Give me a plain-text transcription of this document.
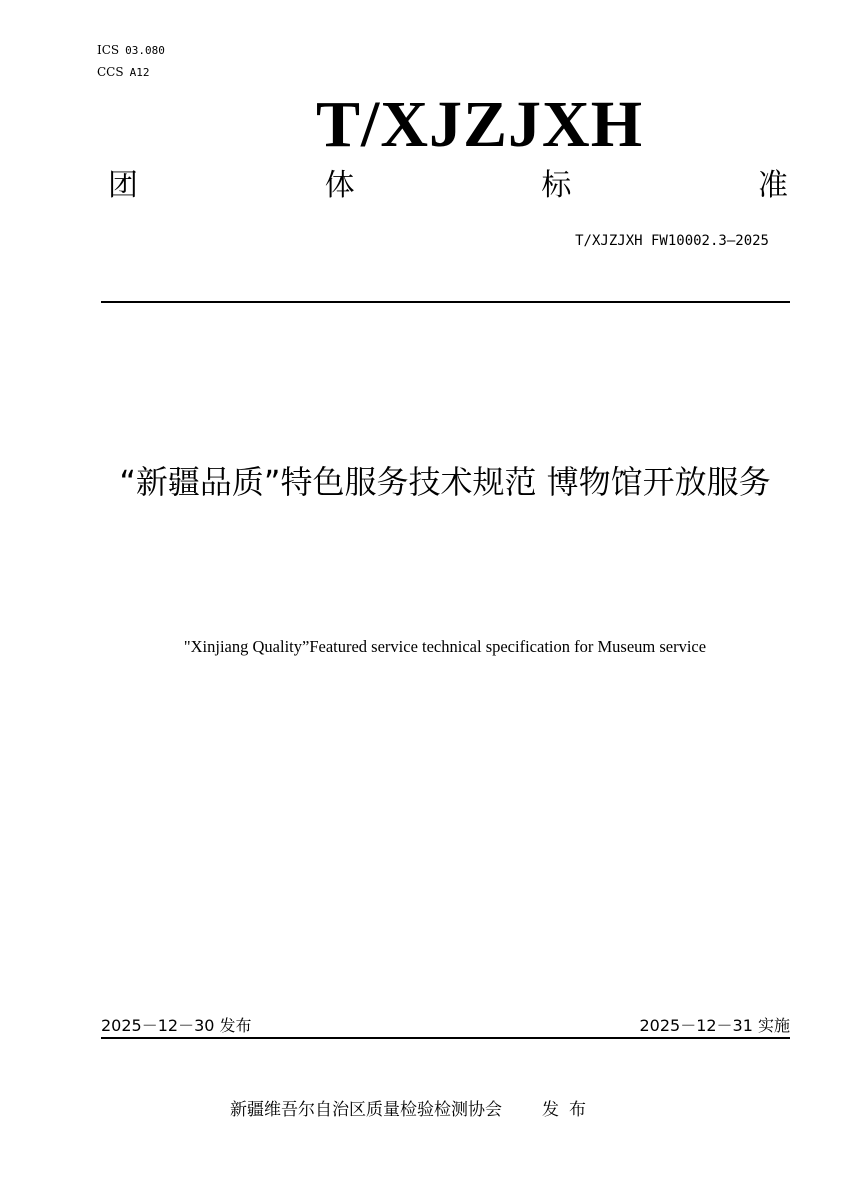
ICS 03.080
CCS A12
T/XJZJXH
团	体	标	准
T/XJZJXH FW10002.3—2025
“新疆品质”特色服务技术规范 博物馆开放服务
"Xinjiang Quality”Featured service technical specification for Museum service
2025－12－30 发布	2025－12－31 实施
新疆维吾尔自治区质量检验检测协会 发布
